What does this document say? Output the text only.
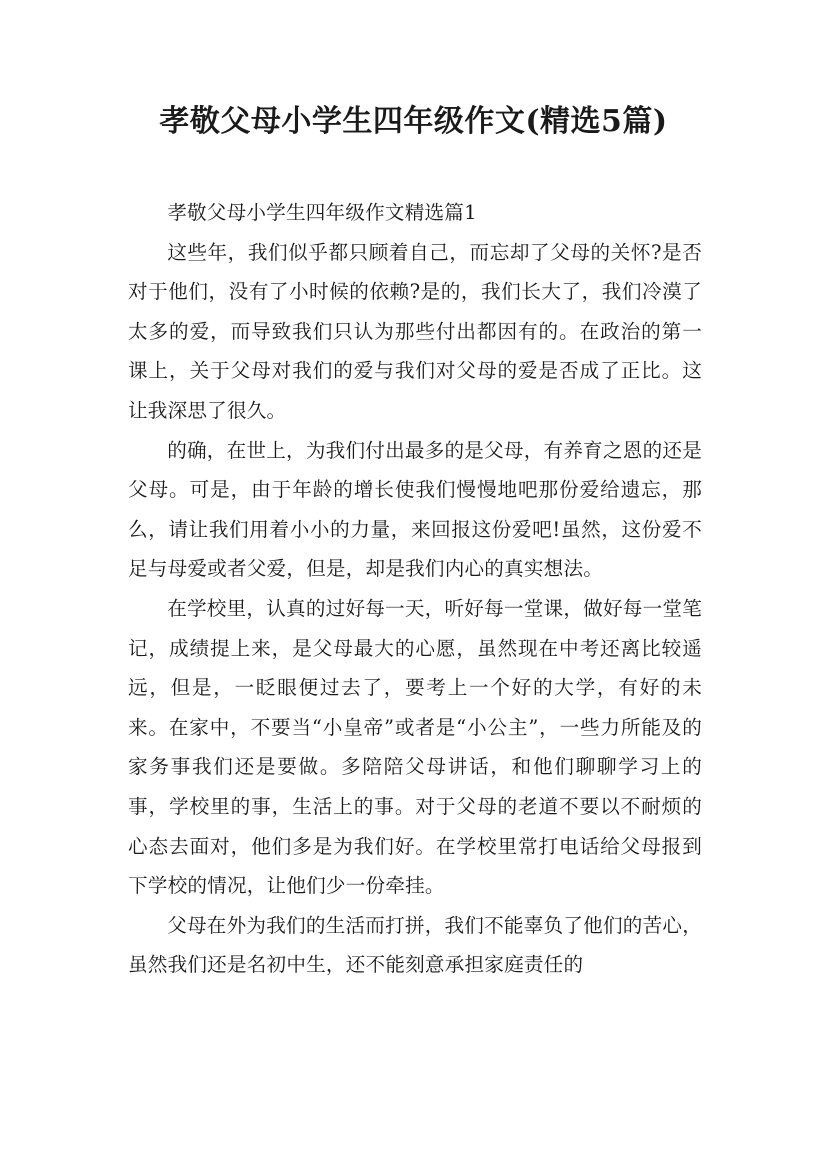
孝敬父母小学生四年级作文(精选5篇)

孝敬父母小学生四年级作文精选篇1

这些年，我们似乎都只顾着自己，而忘却了父母的关怀?是否对于他们，没有了小时候的依赖?是的，我们长大了，我们冷漠了太多的爱，而导致我们只认为那些付出都因有的。在政治的第一课上，关于父母对我们的爱与我们对父母的爱是否成了正比。这让我深思了很久。

的确，在世上，为我们付出最多的是父母，有养育之恩的还是父母。可是，由于年龄的增长使我们慢慢地吧那份爱给遗忘，那么，请让我们用着小小的力量，来回报这份爱吧!虽然，这份爱不足与母爱或者父爱，但是，却是我们内心的真实想法。

在学校里，认真的过好每一天，听好每一堂课，做好每一堂笔记，成绩提上来，是父母最大的心愿，虽然现在中考还离比较遥远，但是，一眨眼便过去了，要考上一个好的大学，有好的未来。在家中，不要当“小皇帝”或者是“小公主”，一些力所能及的家务事我们还是要做。多陪陪父母讲话，和他们聊聊学习上的事，学校里的事，生活上的事。对于父母的老道不要以不耐烦的心态去面对，他们多是为我们好。在学校里常打电话给父母报到下学校的情况，让他们少一份牵挂。

父母在外为我们的生活而打拼，我们不能辜负了他们的苦心，虽然我们还是名初中生，还不能刻意承担家庭责任的
